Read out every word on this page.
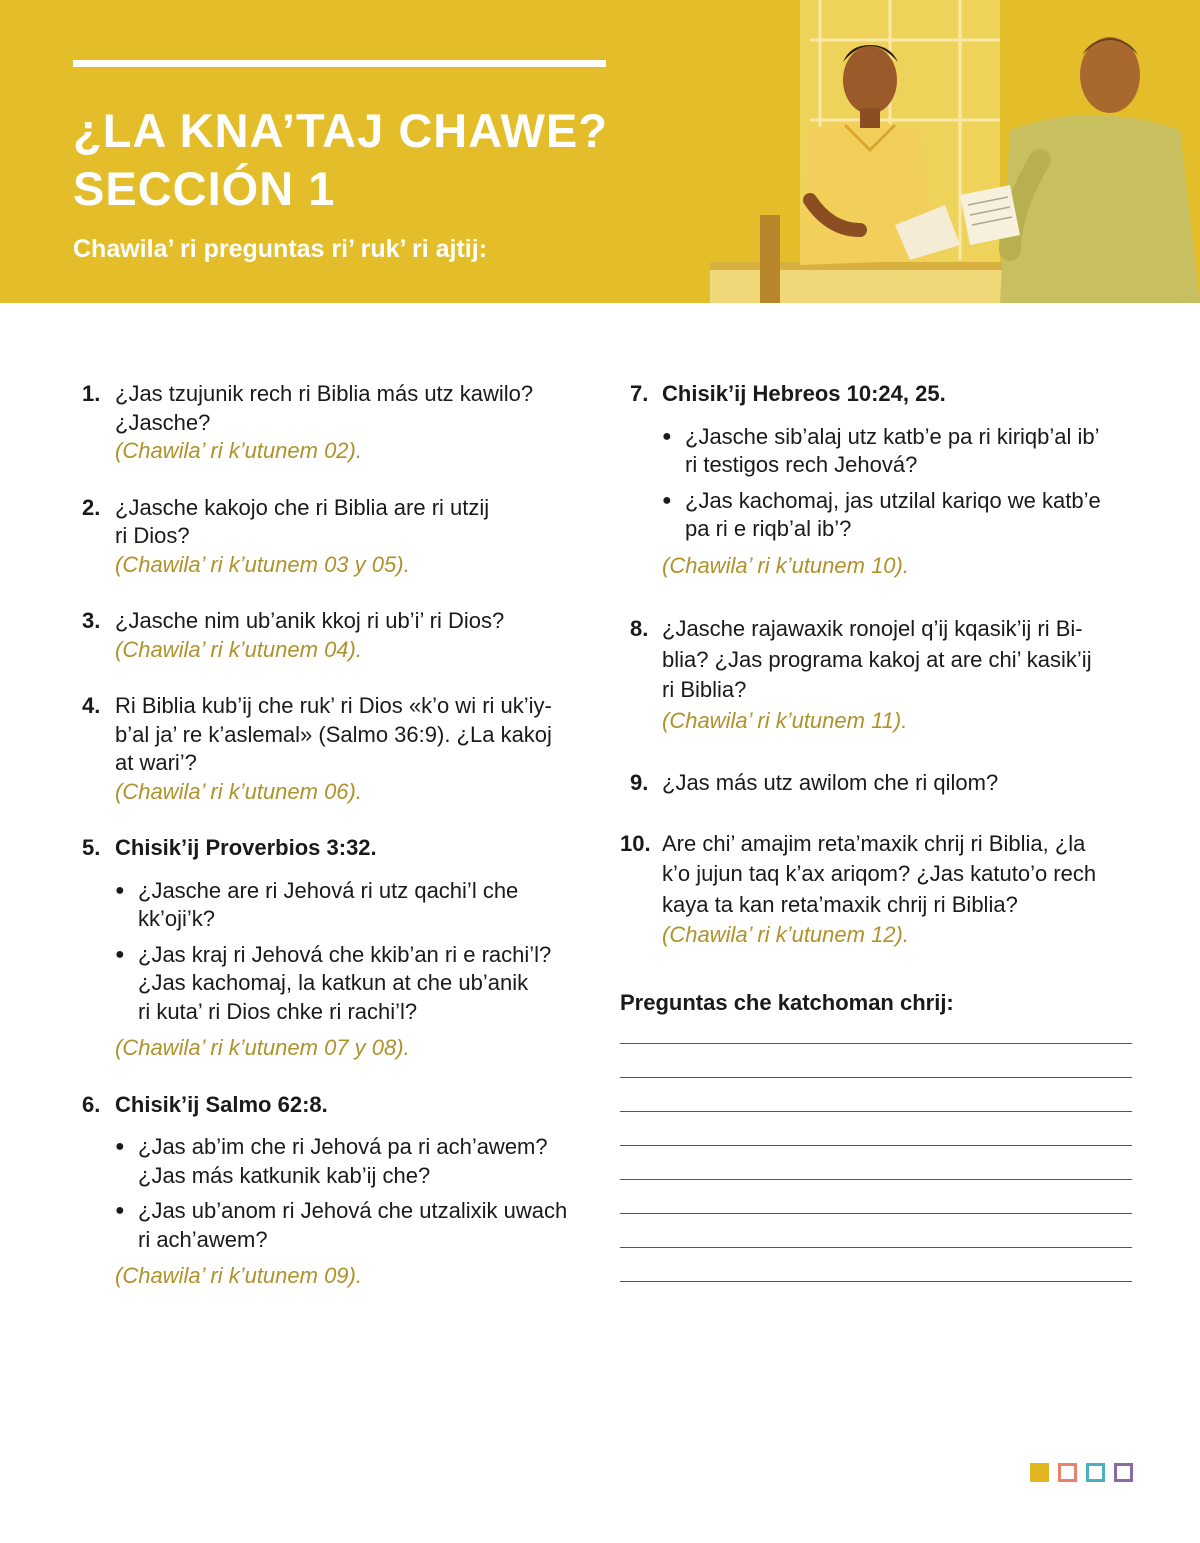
¿LA KNA’TAJ CHAWE?
SECCIÓN 1
Chawila’ ri preguntas ri’ ruk’ ri ajtij:
1. ¿Jas tzujunik rech ri Biblia más utz kawilo?
¿Jasche?
(Chawila’ ri k’utunem 02).
2. ¿Jasche kakojo che ri Biblia are ri utzij
ri Dios?
(Chawila’ ri k’utunem 03 y 05).
3. ¿Jasche nim ub’anik kkoj ri ub’i’ ri Dios?
(Chawila’ ri k’utunem 04).
4. Ri Biblia kub’ij che ruk’ ri Dios «k’o wi ri uk’iy-
b’al ja’ re k’aslemal» (Salmo 36:9). ¿La kakoj
at wari’?
(Chawila’ ri k’utunem 06).
5. Chisik’ij Proverbios 3:32.
● ¿Jasche are ri Jehová ri utz qachi’l che
kk’oji’k?
● ¿Jas kraj ri Jehová che kkib’an ri e rachi’l?
¿Jas kachomaj, la katkun at che ub’anik
ri kuta’ ri Dios chke ri rachi’l?
(Chawila’ ri k’utunem 07 y 08).
6. Chisik’ij Salmo 62:8.
● ¿Jas ab’im che ri Jehová pa ri ach’awem?
¿Jas más katkunik kab’ij che?
● ¿Jas ub’anom ri Jehová che utzalixik uwach
ri ach’awem?
(Chawila’ ri k’utunem 09).
7. Chisik’ij Hebreos 10:24, 25.
● ¿Jasche sib’alaj utz katb’e pa ri kiriqb’al ib’
ri testigos rech Jehová?
● ¿Jas kachomaj, jas utzilal kariqo we katb’e
pa ri e riqb’al ib’?
(Chawila’ ri k’utunem 10).
8. ¿Jasche rajawaxik ronojel q’ij kqasik’ij ri Bi-
blia? ¿Jas programa kakoj at are chi’ kasik’ij
ri Biblia?
(Chawila’ ri k’utunem 11).
9. ¿Jas más utz awilom che ri qilom?
10. Are chi’ amajim reta’maxik chrij ri Biblia, ¿la
k’o jujun taq k’ax ariqom? ¿Jas katuto’o rech
kaya ta kan reta’maxik chrij ri Biblia?
(Chawila’ ri k’utunem 12).
Preguntas che katchoman chrij:
